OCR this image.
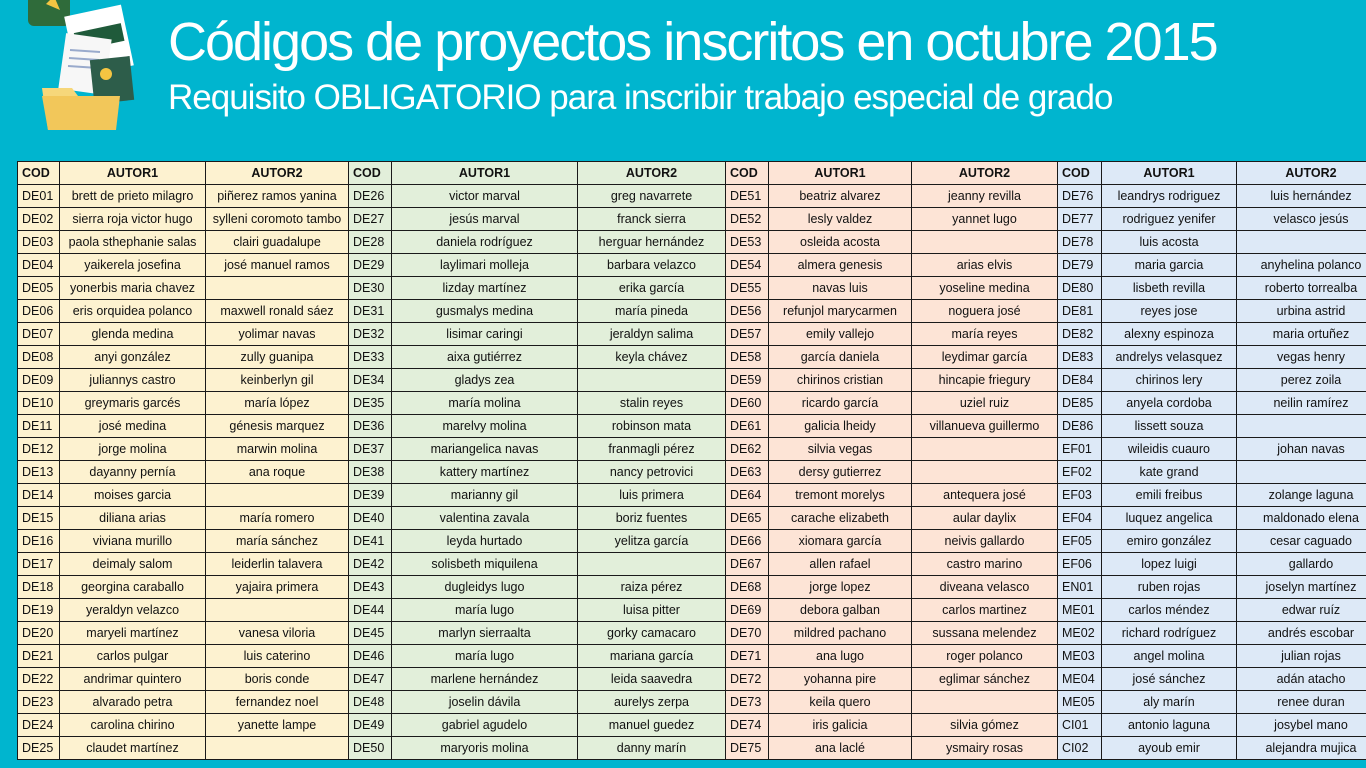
Códigos de proyectos inscritos en octubre 2015
Requisito OBLIGATORIO para inscribir trabajo especial de grado
COD	AUTOR1	AUTOR2	COD	AUTOR1	AUTOR2	COD	AUTOR1	AUTOR2	COD	AUTOR1	AUTOR2
DE01	brett de prieto milagro	piñerez ramos yanina	DE26	victor marval	greg navarrete	DE51	beatriz alvarez	jeanny revilla	DE76	leandrys rodriguez	luis hernández
DE02	sierra roja victor hugo	sylleni coromoto tambo	DE27	jesús marval	franck sierra	DE52	lesly valdez	yannet lugo	DE77	rodriguez yenifer	velasco jesús
DE03	paola sthephanie salas	clairi guadalupe	DE28	daniela rodríguez	herguar hernández	DE53	osleida acosta		DE78	luis acosta	
DE04	yaikerela josefina	josé manuel ramos	DE29	laylimari molleja	barbara velazco	DE54	almera genesis	arias elvis	DE79	maria garcia	anyhelina polanco
DE05	yonerbis maria chavez		DE30	lizday martínez	erika garcía	DE55	navas luis	yoseline medina	DE80	lisbeth revilla	roberto torrealba
DE06	eris orquidea polanco	maxwell ronald sáez	DE31	gusmalys medina	maría pineda	DE56	refunjol marycarmen	noguera josé	DE81	reyes jose	urbina astrid
DE07	glenda medina	yolimar navas	DE32	lisimar caringi	jeraldyn salima	DE57	emily vallejo	maría reyes	DE82	alexny espinoza	maria ortuñez
DE08	anyi gonzález	zully guanipa	DE33	aixa gutiérrez	keyla chávez	DE58	garcía daniela	leydimar garcía	DE83	andrelys velasquez	vegas henry
DE09	juliannys castro	keinberlyn gil	DE34	gladys zea		DE59	chirinos cristian	hincapie friegury	DE84	chirinos lery	perez zoila
DE10	greymaris garcés	maría lópez	DE35	maría molina	stalin reyes	DE60	ricardo garcía	uziel ruiz	DE85	anyela cordoba	neilin ramírez
DE11	josé medina	génesis marquez	DE36	marelvy molina	robinson mata	DE61	galicia lheidy	villanueva guillermo	DE86	lissett souza	
DE12	jorge molina	marwin molina	DE37	mariangelica navas	franmagli pérez	DE62	silvia vegas		EF01	wileidis cuauro	johan navas
DE13	dayanny pernía	ana roque	DE38	kattery martínez	nancy petrovici	DE63	dersy gutierrez		EF02	kate grand	
DE14	moises garcia		DE39	marianny gil	luis primera	DE64	tremont morelys	antequera josé	EF03	emili freibus	zolange laguna
DE15	diliana arias	maría romero	DE40	valentina zavala	boriz fuentes	DE65	carache elizabeth	aular daylix	EF04	luquez angelica	maldonado elena
DE16	viviana murillo	maría sánchez	DE41	leyda hurtado	yelitza garcía	DE66	xiomara garcía	neivis gallardo	EF05	emiro gonzález	cesar caguado
DE17	deimaly salom	leiderlin talavera	DE42	solisbeth miquilena		DE67	allen rafael	castro marino	EF06	lopez luigi	gallardo
DE18	georgina caraballo	yajaira primera	DE43	dugleidys lugo	raiza pérez	DE68	jorge lopez	diveana velasco	EN01	ruben rojas	joselyn martínez
DE19	yeraldyn velazco		DE44	maría lugo	luisa pitter	DE69	debora galban	carlos martinez	ME01	carlos méndez	edwar ruíz
DE20	maryeli martínez	vanesa viloria	DE45	marlyn sierraalta	gorky camacaro	DE70	mildred pachano	sussana melendez	ME02	richard rodríguez	andrés escobar
DE21	carlos pulgar	luis caterino	DE46	maría lugo	mariana garcía	DE71	ana lugo	roger polanco	ME03	angel molina	julian rojas
DE22	andrimar quintero	boris conde	DE47	marlene hernández	leida saavedra	DE72	yohanna pire	eglimar sánchez	ME04	josé sánchez	adán atacho
DE23	alvarado petra	fernandez noel	DE48	joselin dávila	aurelys zerpa	DE73	keila quero		ME05	aly marín	renee duran
DE24	carolina chirino	yanette lampe	DE49	gabriel agudelo	manuel guedez	DE74	iris galicia	silvia gómez	CI01	antonio laguna	josybel mano
DE25	claudet martínez		DE50	maryoris molina	danny marín	DE75	ana laclé	ysmairy rosas	CI02	ayoub emir	alejandra mujica
